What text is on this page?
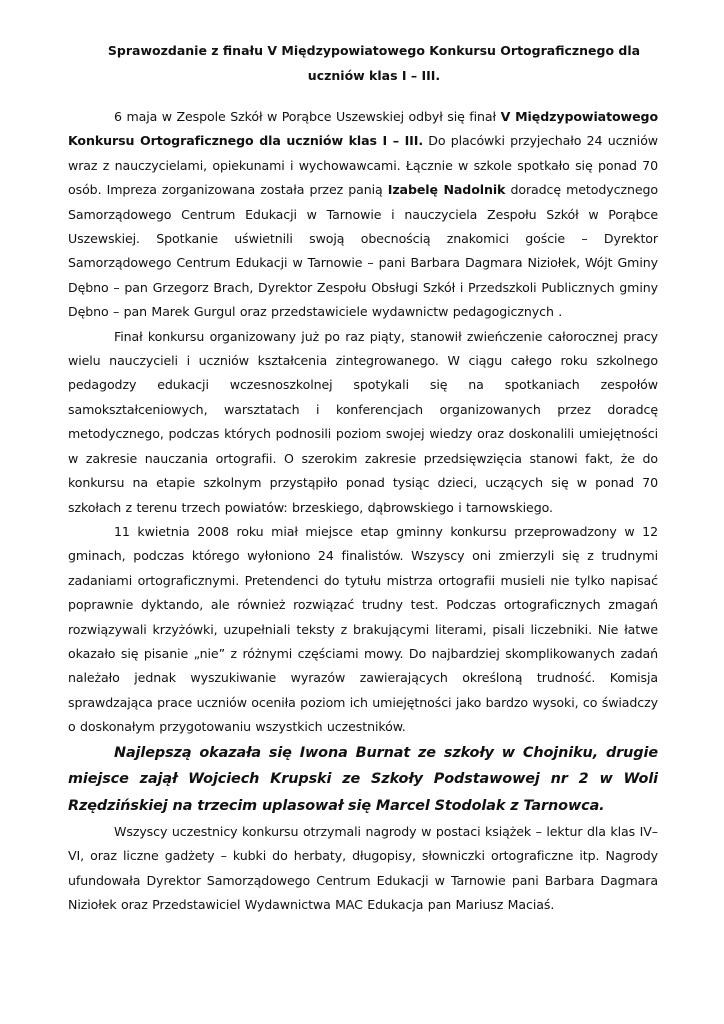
Sprawozdanie z finału V Międzypowiatowego Konkursu Ortograficznego dla
uczniów klas I – III.

6 maja w Zespole Szkół w Porąbce Uszewskiej odbył się finał V Międzypowiatowego Konkursu Ortograficznego dla uczniów klas I – III. Do placówki przyjechało 24 uczniów wraz z nauczycielami, opiekunami i wychowawcami. Łącznie w szkole spotkało się ponad 70 osób. Impreza zorganizowana została przez panią Izabelę Nadolnik doradcę metodycznego Samorządowego Centrum Edukacji w Tarnowie i nauczyciela Zespołu Szkół w Porąbce Uszewskiej. Spotkanie uświetnili swoją obecnością znakomici goście – Dyrektor Samorządowego Centrum Edukacji w Tarnowie – pani Barbara Dagmara Niziołek, Wójt Gminy Dębno – pan Grzegorz Brach, Dyrektor Zespołu Obsługi Szkół i Przedszkoli Publicznych gminy Dębno – pan Marek Gurgul oraz przedstawiciele wydawnictw pedagogicznych .

Finał konkursu organizowany już po raz piąty, stanowił zwieńczenie całorocznej pracy wielu nauczycieli i uczniów kształcenia zintegrowanego. W ciągu całego roku szkolnego pedagodzy edukacji wczesnoszkolnej spotykali się na spotkaniach zespołów samokształceniowych, warsztatach i konferencjach organizowanych przez doradcę metodycznego, podczas których podnosili poziom swojej wiedzy oraz doskonalili umiejętności w zakresie nauczania ortografii. O szerokim zakresie przedsięwzięcia stanowi fakt, że do konkursu na etapie szkolnym przystąpiło ponad tysiąc dzieci, uczących się w ponad 70 szkołach z terenu trzech powiatów: brzeskiego, dąbrowskiego i tarnowskiego.

11 kwietnia 2008 roku miał miejsce etap gminny konkursu przeprowadzony w 12 gminach, podczas którego wyłoniono 24 finalistów. Wszyscy oni zmierzyli się z trudnymi zadaniami ortograficznymi. Pretendenci do tytułu mistrza ortografii musieli nie tylko napisać poprawnie dyktando, ale również rozwiązać trudny test. Podczas ortograficznych zmagań rozwiązywali krzyżówki, uzupełniali teksty z brakującymi literami, pisali liczebniki. Nie łatwe okazało się pisanie „nie” z różnymi częściami mowy. Do najbardziej skomplikowanych zadań należało jednak wyszukiwanie wyrazów zawierających określoną trudność. Komisja sprawdzająca prace uczniów oceniła poziom ich umiejętności jako bardzo wysoki, co świadczy o doskonałym przygotowaniu wszystkich uczestników.

Najlepszą okazała się Iwona Burnat ze szkoły w Chojniku, drugie miejsce zajął Wojciech Krupski ze Szkoły Podstawowej nr 2 w Woli Rzędzińskiej na trzecim uplasował się Marcel Stodolak z Tarnowca.

Wszyscy uczestnicy konkursu otrzymali nagrody w postaci książek – lektur dla klas IV– VI, oraz liczne gadżety – kubki do herbaty, długopisy, słowniczki ortograficzne itp. Nagrody ufundowała Dyrektor Samorządowego Centrum Edukacji w Tarnowie pani Barbara Dagmara Niziołek oraz Przedstawiciel Wydawnictwa MAC Edukacja pan Mariusz Maciaś.
